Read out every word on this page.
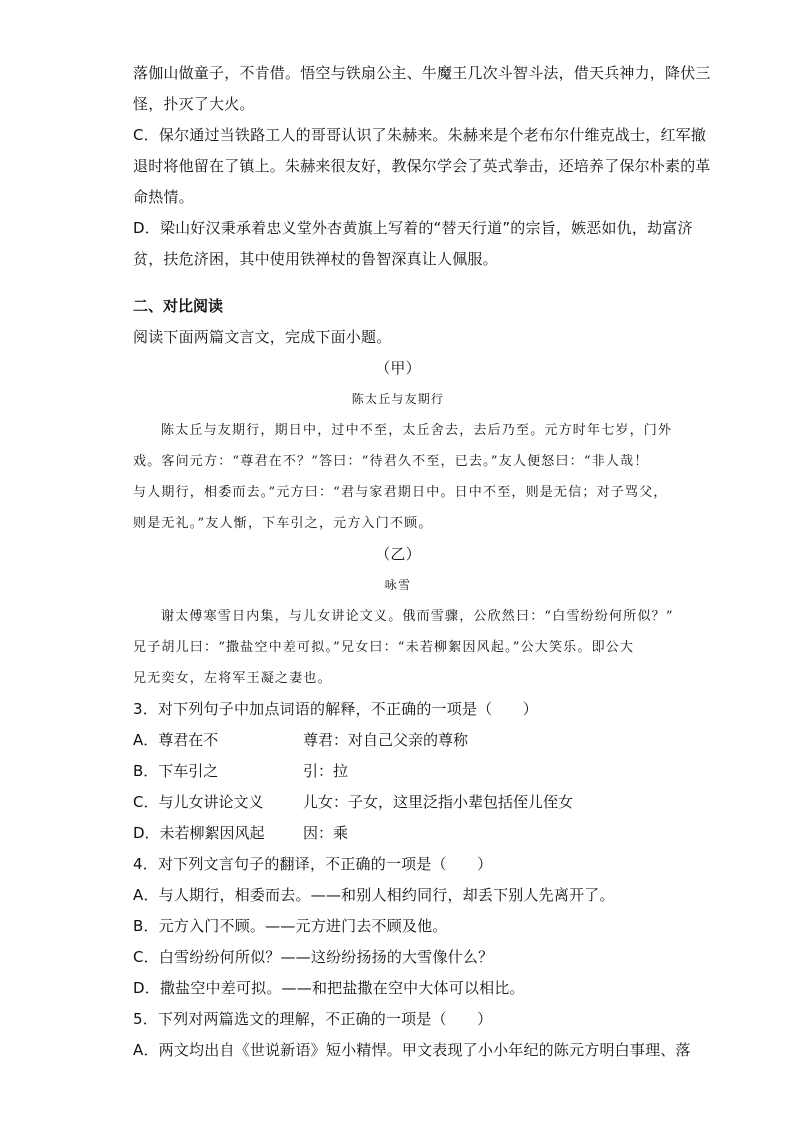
落伽山做童子，不肯借。悟空与铁扇公主、牛魔王几次斗智斗法，借天兵神力，降伏三
怪，扑灭了大火。
C．保尔通过当铁路工人的哥哥认识了朱赫来。朱赫来是个老布尔什维克战士，红军撤
退时将他留在了镇上。朱赫来很友好，教保尔学会了英式拳击，还培养了保尔朴素的革
命热情。
D．梁山好汉秉承着忠义堂外杏黄旗上写着的“替天行道”的宗旨，嫉恶如仇，劫富济
贫，扶危济困，其中使用铁禅杖的鲁智深真让人佩服。
二、对比阅读
阅读下面两篇文言文，完成下面小题。
（甲）
陈太丘与友期行
陈太丘与友期行，期日中，过中不至，太丘舍去，去后乃至。元方时年七岁，门外
戏。客问元方：“尊君在不？”答曰：“待君久不至，已去。”友人便怒曰：“非人哉！
与人期行，相委而去。”元方曰：“君与家君期日中。日中不至，则是无信；对子骂父，
则是无礼。”友人惭，下车引之，元方入门不顾。
（乙）
咏雪
谢太傅寒雪日内集，与儿女讲论文义。俄而雪骤，公欣然曰：“白雪纷纷何所似？”
兄子胡儿曰：“撒盐空中差可拟。”兄女曰：“未若柳絮因风起。”公大笑乐。即公大
兄无奕女，左将军王凝之妻也。
3．对下列句子中加点词语的解释，不正确的一项是（　　）
A．尊君在不	尊君：对自己父亲的尊称
B．下车引之	引：拉
C．与儿女讲论文义	儿女：子女，这里泛指小辈包括侄儿侄女
D．未若柳絮因风起	因：乘
4．对下列文言句子的翻译，不正确的一项是（　　）
A．与人期行，相委而去。——和别人相约同行，却丢下别人先离开了。
B．元方入门不顾。——元方进门去不顾及他。
C．白雪纷纷何所似？——这纷纷扬扬的大雪像什么？
D．撒盐空中差可拟。——和把盐撒在空中大体可以相比。
5．下列对两篇选文的理解，不正确的一项是（　　）
A．两文均出自《世说新语》短小精悍。甲文表现了小小年纪的陈元方明白事理、落
